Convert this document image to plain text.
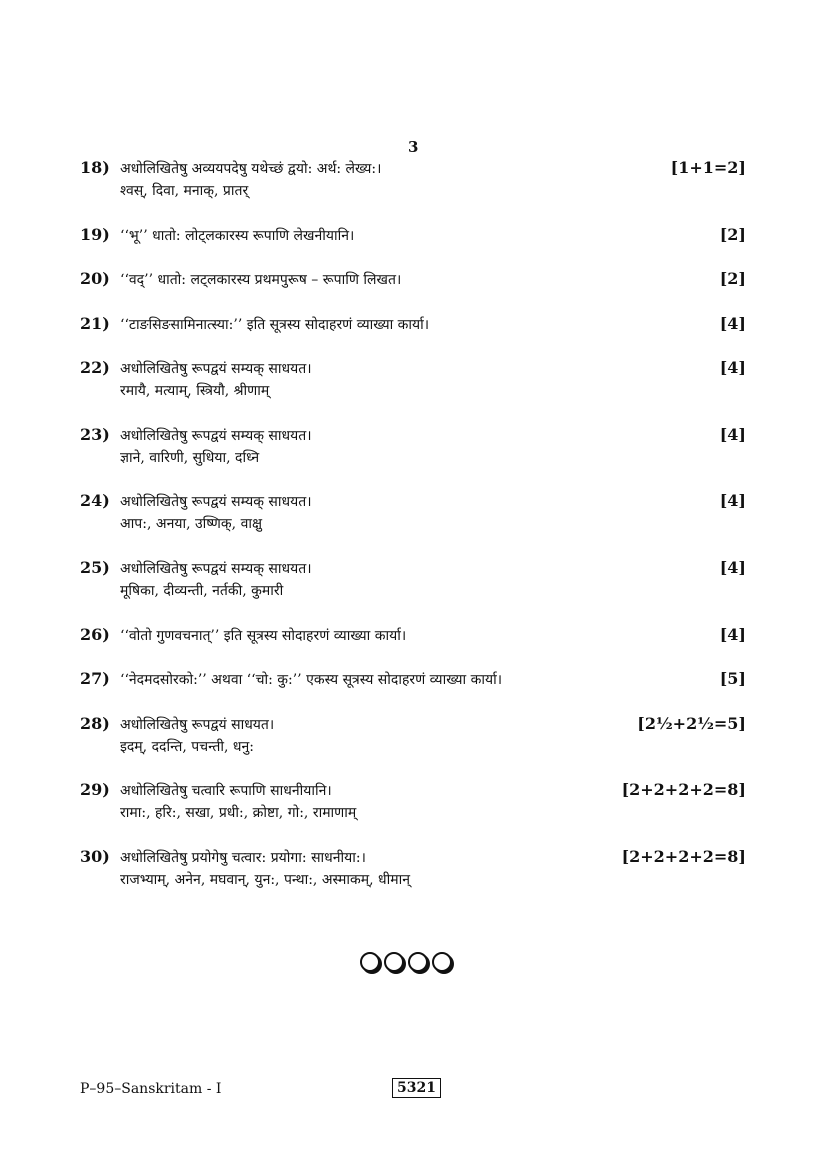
3
18) अधोलिखितेषु अव्ययपदेषु यथेच्छं द्वयो: अर्थ: लेख्य:।
श्वस्, दिवा, मनाक्, प्रातर्
[1+1=2]
19) ‘‘भू’’ धातो: लोट्लकारस्य रूपाणि लेखनीयानि।	[2]
20) ‘‘वद्’’ धातो: लट्लकारस्य प्रथमपुरूष – रूपाणि लिखत।	[2]
21) ‘‘टाङसिङसामिनात्स्या:’’ इति सूत्रस्य सोदाहरणं व्याख्या कार्या।	[4]
22) अधोलिखितेषु रूपद्वयं सम्यक् साधयत।
रमायै, मत्याम्, स्त्रियौ, श्रीणाम्
[4]
23) अधोलिखितेषु रूपद्वयं सम्यक् साधयत।
ज्ञाने, वारिणी, सुधिया, दध्नि
[4]
24) अधोलिखितेषु रूपद्वयं सम्यक् साधयत।
आप:, अनया, उष्णिक्, वाक्षु
[4]
25) अधोलिखितेषु रूपद्वयं सम्यक् साधयत।
मूषिका, दीव्यन्ती, नर्तकी, कुमारी
[4]
26) ‘‘वोतो गुणवचनात्’’ इति सूत्रस्य सोदाहरणं व्याख्या कार्या।	[4]
27) ‘‘नेदमदसोरको:’’ अथवा ‘‘चो: कु:’’ एकस्य सूत्रस्य सोदाहरणं व्याख्या कार्या।	[5]
28) अधोलिखितेषु रूपद्वयं साधयत।
इदम्, ददन्ति, पचन्ती, धनु:
[2½+2½=5]
29) अधोलिखितेषु चत्वारि रूपाणि साधनीयानि।
रामा:, हरि:, सखा, प्रधी:, क्रोष्टा, गो:, रामाणाम्
[2+2+2+2=8]
30) अधोलिखितेषु प्रयोगेषु चत्वार: प्रयोगा: साधनीया:।
राजभ्याम्, अनेन, मघवान्, युन:, पन्था:, अस्माकम्, धीमान्
[2+2+2+2=8]
P–95–Sanskritam - I	5321
